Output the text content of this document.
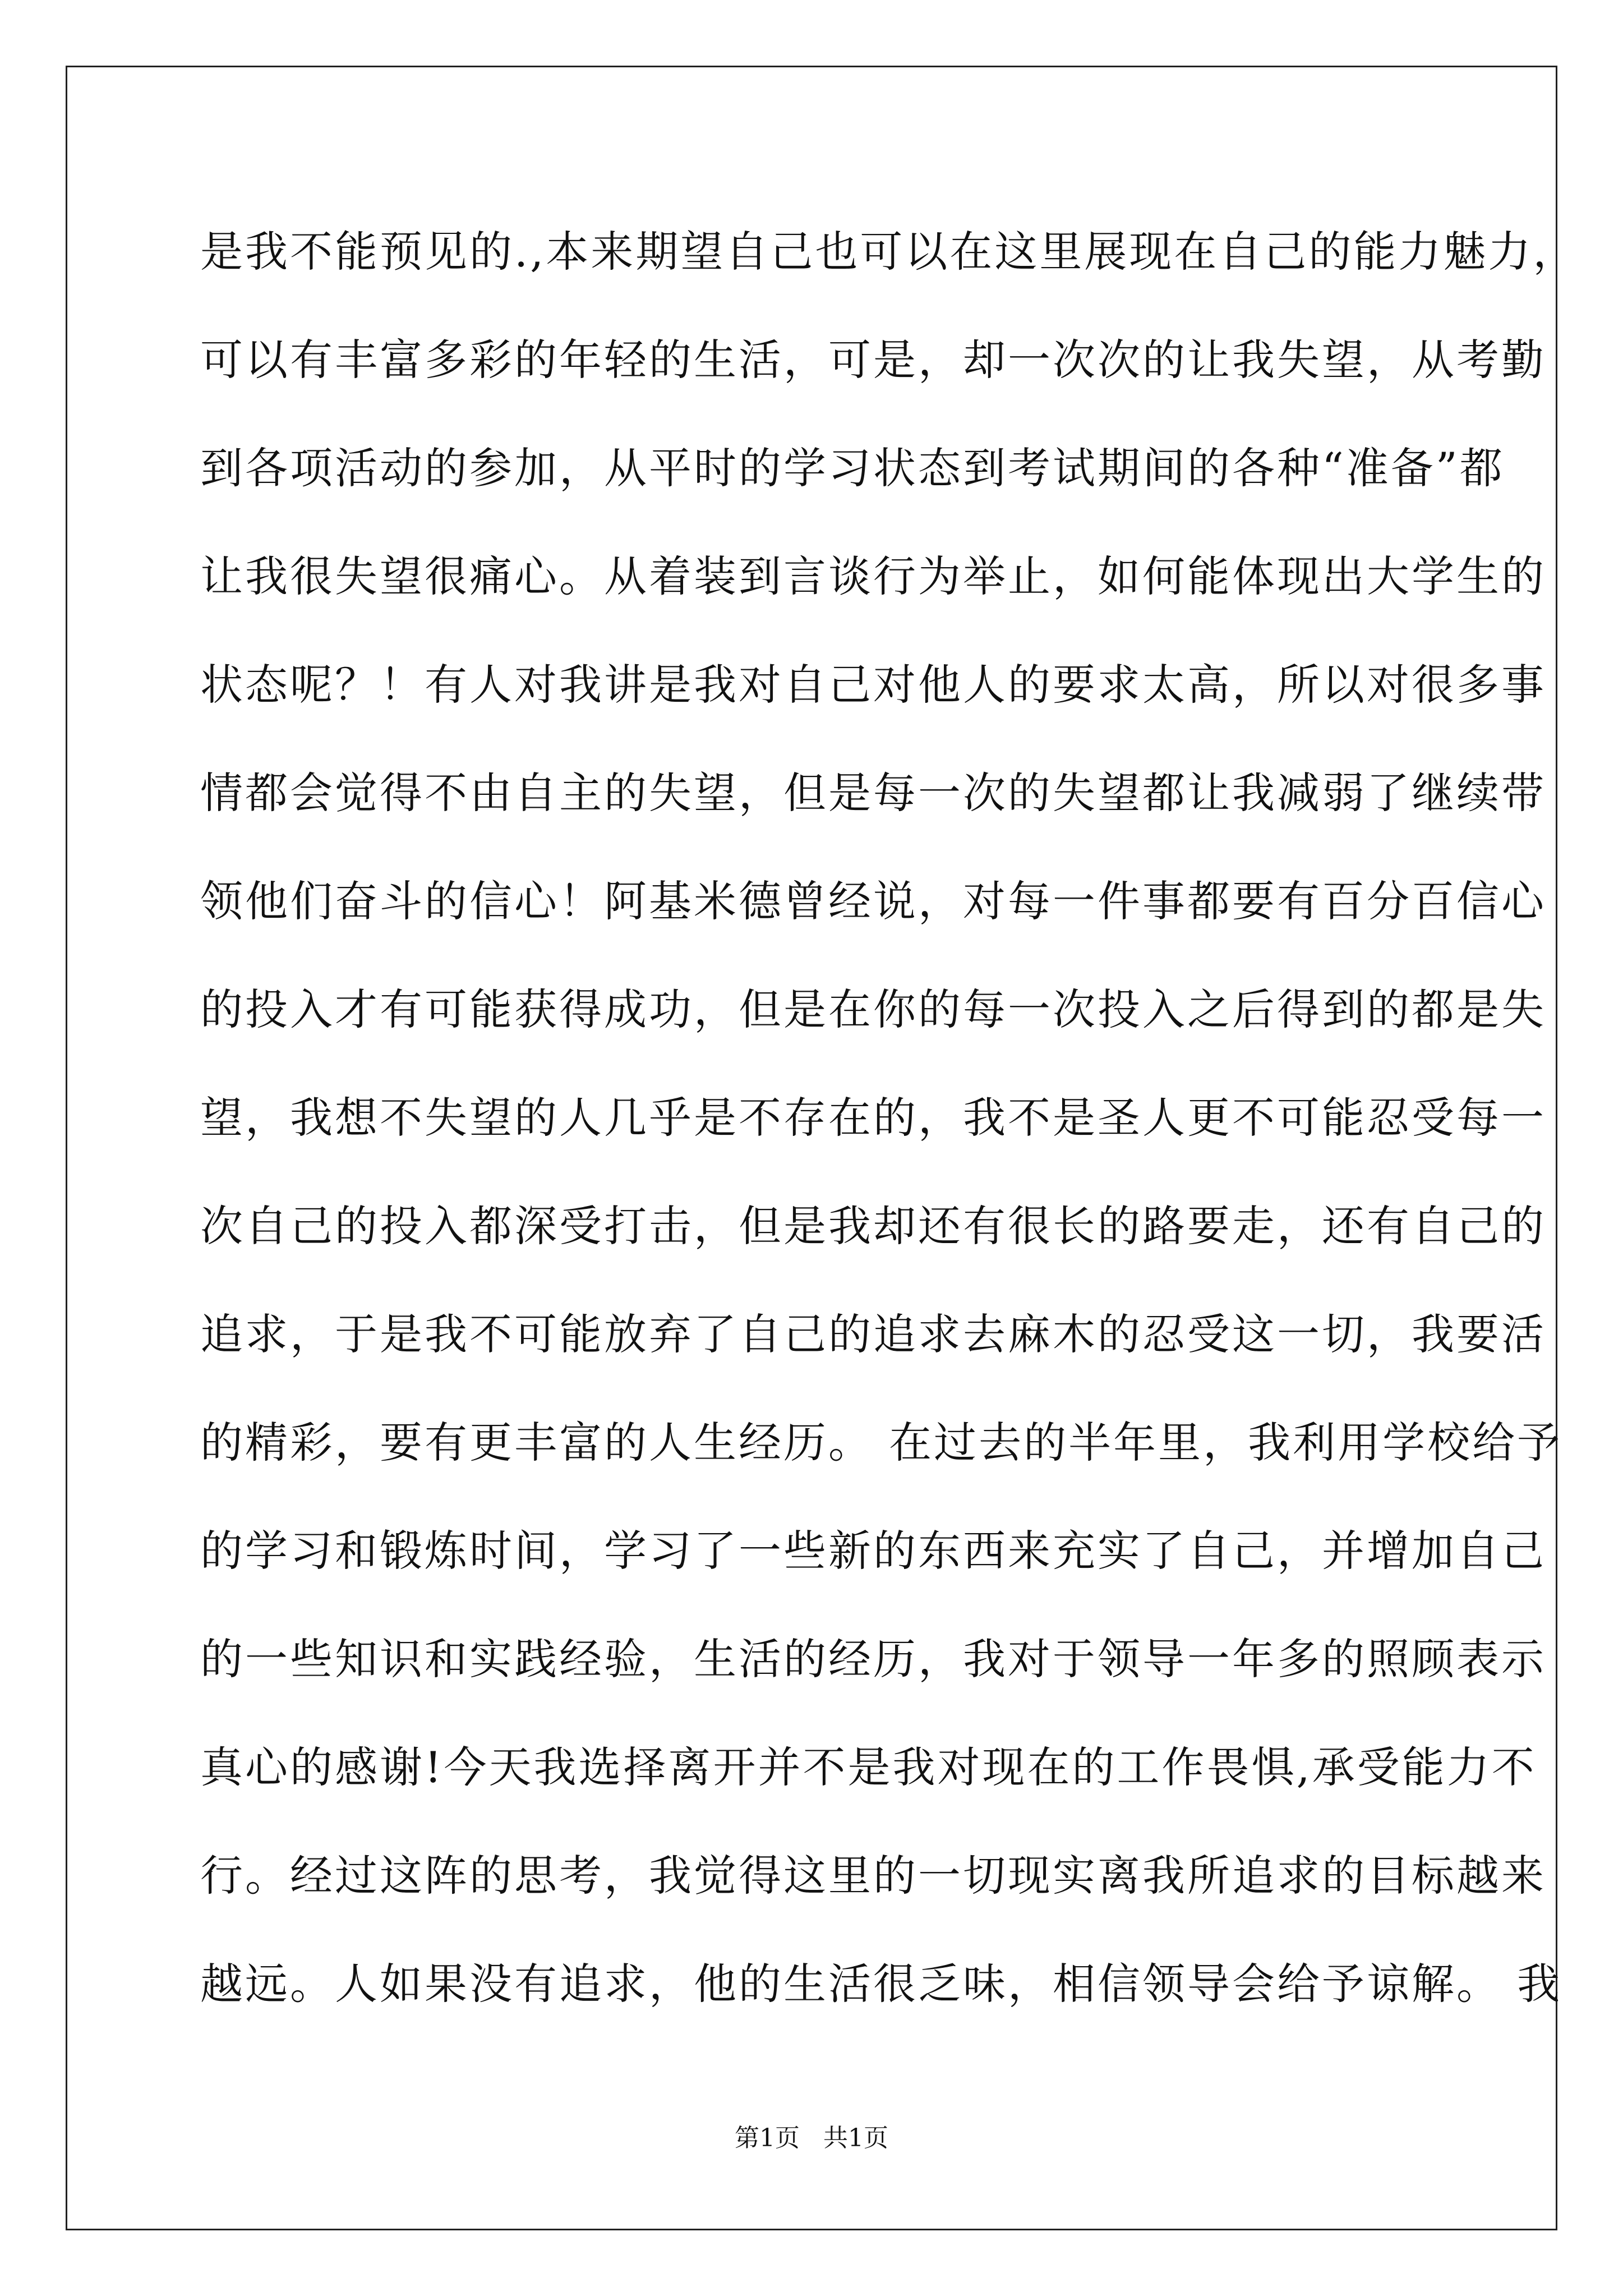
是我不能预见的.,本来期望自己也可以在这里展现在自己的能力魅力，
可以有丰富多彩的年轻的生活，可是，却一次次的让我失望，从考勤
到各项活动的参加，从平时的学习状态到考试期间的各种“准备”都
让我很失望很痛心。从着装到言谈行为举止，如何能体现出大学生的
状态呢？！有人对我讲是我对自己对他人的要求太高，所以对很多事
情都会觉得不由自主的失望，但是每一次的失望都让我减弱了继续带
领他们奋斗的信心！阿基米德曾经说，对每一件事都要有百分百信心
的投入才有可能获得成功，但是在你的每一次投入之后得到的都是失
望，我想不失望的人几乎是不存在的，我不是圣人更不可能忍受每一
次自己的投入都深受打击，但是我却还有很长的路要走，还有自己的
追求，于是我不可能放弃了自己的追求去麻木的忍受这一切，我要活
的精彩，要有更丰富的人生经历。 在过去的半年里，我利用学校给予
的学习和锻炼时间，学习了一些新的东西来充实了自己，并增加自己
的一些知识和实践经验，生活的经历，我对于领导一年多的照顾表示
真心的感谢!今天我选择离开并不是我对现在的工作畏惧,承受能力不
行。经过这阵的思考，我觉得这里的一切现实离我所追求的目标越来
越远。人如果没有追求，他的生活很乏味，相信领导会给予谅解。 我
第1页   共1页
